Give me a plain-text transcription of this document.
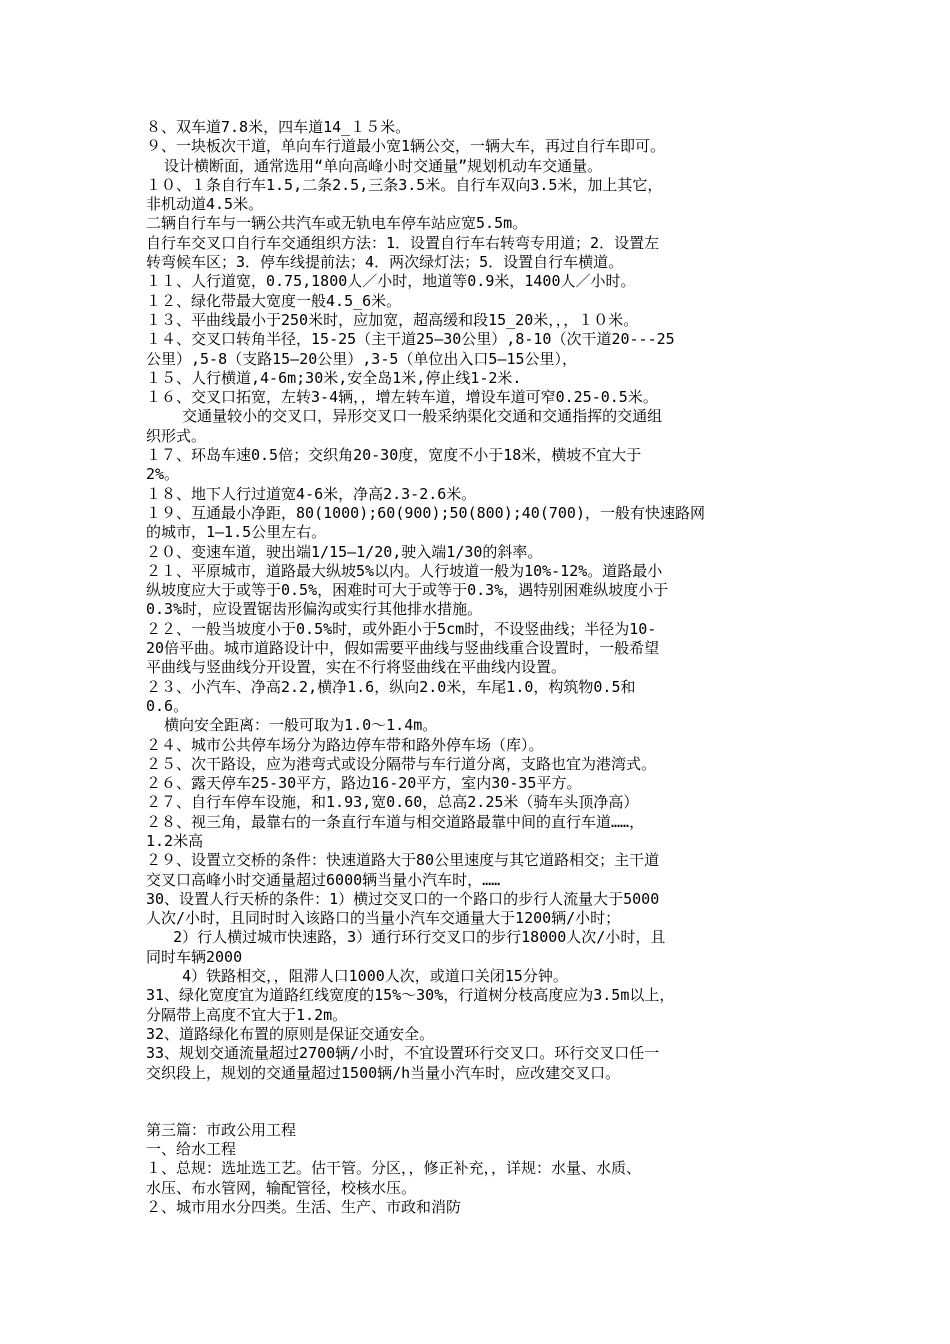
８、双车道7.8米，四车道14_１５米。
９、一块板次干道，单向车行道最小宽1辆公交，一辆大车，再过自行车即可。
设计横断面，通常选用“单向高峰小时交通量”规划机动车交通量。
１０、１条自行车1.5,二条2.5,三条3.5米。自行车双向3.5米，加上其它，
非机动道4.5米。
二辆自行车与一辆公共汽车或无轨电车停车站应宽5.5m。
自行车交叉口自行车交通组织方法：1．设置自行车右转弯专用道；2．设置左
转弯候车区；3．停车线提前法；4．两次绿灯法；5．设置自行车横道。
１１、人行道宽，0.75,1800人／小时，地道等0.9米，1400人／小时。
１２、绿化带最大宽度一般4.5_6米。
１３、平曲线最小于250米时，应加宽，超高缓和段15_20米，，，１０米。
１４、交叉口转角半径，15-25（主干道25—30公里）,8-10（次干道20---25
公里）,5-8（支路15—20公里）,3-5（单位出入口5—15公里），
１５、人行横道,4-6m;30米,安全岛1米,停止线1-2米.
１６、交叉口拓宽，左转3-4辆，，增左转车道，增设车道可窄0.25-0.5米。
交通量较小的交叉口，异形交叉口一般采纳渠化交通和交通指挥的交通组
织形式。
１７、环岛车速0.5倍；交织角20-30度，宽度不小于18米，横坡不宜大于
2%。
１８、地下人行过道宽4-6米，净高2.3-2.6米。
１９、互通最小净距，80(1000);60(900);50(800);40(700)，一般有快速路网
的城市，1—1.5公里左右。
２０、变速车道，驶出端1/15—1/20,驶入端1/30的斜率。
２１、平原城市，道路最大纵坡5%以内。人行坡道一般为10%-12%。道路最小
纵坡度应大于或等于0.5%，困难时可大于或等于0.3%，遇特别困难纵坡度小于
0.3%时，应设置锯齿形偏沟或实行其他排水措施。
２２、一般当坡度小于0.5%时，或外距小于5cm时，不设竖曲线；半径为10-
20倍平曲。城市道路设计中，假如需要平曲线与竖曲线重合设置时，一般希望
平曲线与竖曲线分开设置，实在不行将竖曲线在平曲线内设置。
２３、小汽车、净高2.2,横净1.6，纵向2.0米，车尾1.0，构筑物0.5和
0.6。
横向安全距离：一般可取为1.0～1.4m。
２４、城市公共停车场分为路边停车带和路外停车场（库）。
２５、次干路设，应为港弯式或设分隔带与车行道分离，支路也宜为港湾式。
２６、露天停车25-30平方，路边16-20平方，室内30-35平方。
２７、自行车停车设施，和1.93,宽0.60，总高2.25米（骑车头顶净高）
２８、视三角，最靠右的一条直行车道与相交道路最靠中间的直行车道……，
1.2米高
２９、设置立交桥的条件：快速道路大于80公里速度与其它道路相交；主干道
交叉口高峰小时交通量超过6000辆当量小汽车时，……
30、设置人行天桥的条件：1）横过交叉口的一个路口的步行人流量大于5000
人次/小时，且同时时入该路口的当量小汽车交通量大于1200辆/小时；
2）行人横过城市快速路，3）通行环行交叉口的步行18000人次/小时，且
同时车辆2000
4）铁路相交，，阻滞人口1000人次，或道口关闭15分钟。
31、绿化宽度宜为道路红线宽度的15%～30%，行道树分枝高度应为3.5m以上，
分隔带上高度不宜大于1.2m。
32、道路绿化布置的原则是保证交通安全。
33、规划交通流量超过2700辆/小时，不宜设置环行交叉口。环行交叉口任一
交织段上，规划的交通量超过1500辆/h当量小汽车时，应改建交叉口。
第三篇：市政公用工程
一、给水工程
１、总规：选址选工艺。估干管。分区，，修正补充，，详规：水量、水质、
水压、布水管网，输配管径，校核水压。
２、城市用水分四类。生活、生产、市政和消防
